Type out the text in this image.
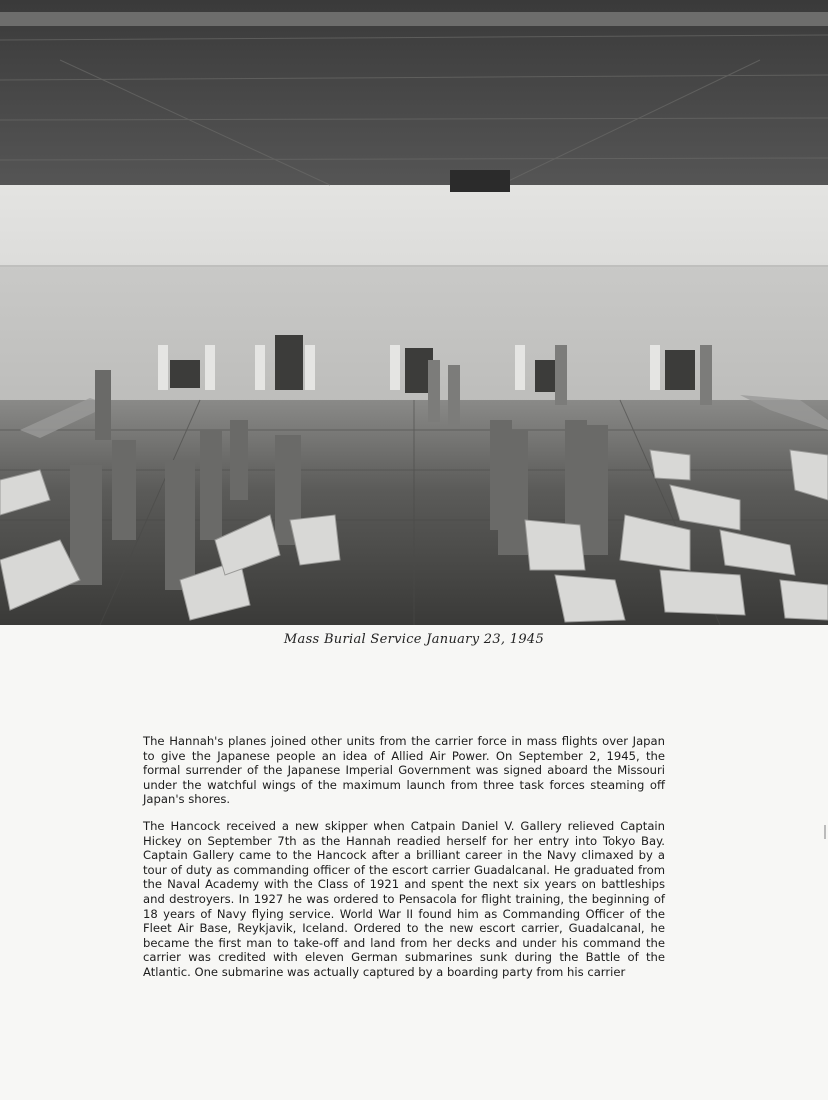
Mass Burial Service January 23, 1945

The Hannah's planes joined other units from the carrier force in mass flights over Japan to give the Japanese people an idea of Allied Air Power. On September 2, 1945, the formal surrender of the Japanese Imperial Government was signed aboard the Missouri under the watchful wings of the maximum launch from three task forces steaming off Japan's shores.

The Hancock received a new skipper when Catpain Daniel V. Gallery relieved Captain Hickey on September 7th as the Hannah readied herself for her entry into Tokyo Bay. Captain Gallery came to the Hancock after a brilliant career in the Navy climaxed by a tour of duty as commanding officer of the escort carrier Guadalcanal. He graduated from the Naval Academy with the Class of 1921 and spent the next six years on battleships and destroyers. In 1927 he was ordered to Pensacola for flight training, the beginning of 18 years of Navy flying service. World War II found him as Commanding Officer of the Fleet Air Base, Reykjavik, Iceland. Ordered to the new escort carrier, Guadalcanal, he became the first man to take-off and land from her decks and under his command the carrier was credited with eleven German submarines sunk during the Battle of the Atlantic. One submarine was actually captured by a boarding party from his carrier
